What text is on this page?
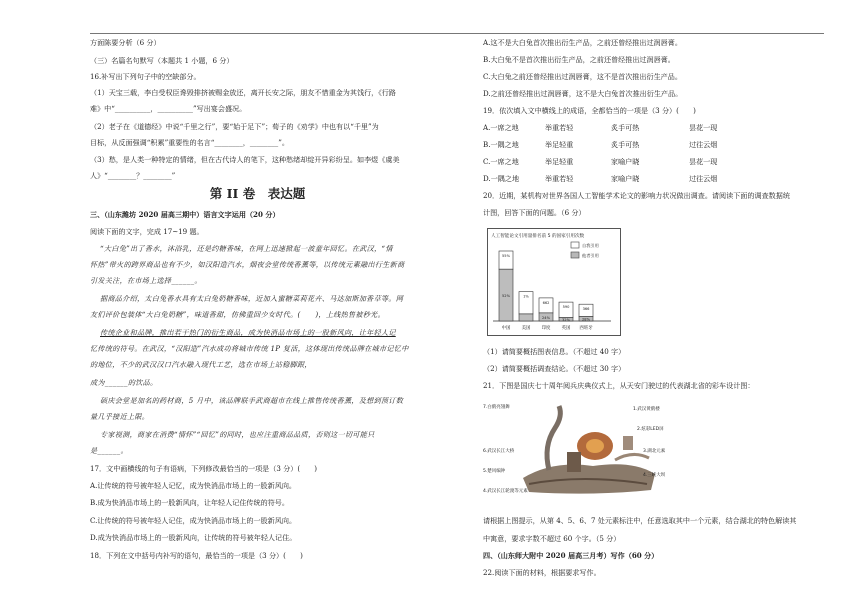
方面陈要分析（6 分）
（三）名篇名句默写（本题共 1 小题，6 分）
16.补写出下列句子中的空缺部分。
（1）天宝三载，李白受权臣谗毁排挤被赐金放还，离开长安之际，朋友不惜重金为其饯行，《行路
难》中“__________，__________”写出宴会盛况。
（2）老子在《道德经》中说“千里之行”，要“始于足下”；荀子的《劝学》中也有以“千里”为
目标，从反面强调“积累”重要性的名言“________，________”。
（3）愁，是人类一种特定的情绪，但在古代诗人的笔下，这种愁绪却绽开异彩纷呈。如李煜《虞美
人》“________？________”
第 II 卷　表达题
三、（山东潍坊 2020 届高三期中）语言文字运用（20 分）
阅读下面的文字，完成 17~19 题。
“大白兔”出了香水，沐浴乳，还是约糖香味，在网上迅速掀起一波童年回忆。在武汉，“情
怀热”带火的跨界商品也有不少，如汉阳造汽水，烟夜会堂传统香薰等，以传统元素融出行生新商
引发关注，在市场上选择______。
据商品介绍，太白兔香水具有太白兔奶糖香味，近加入蜜糖菜莉花卉、马达加斯加香草等。网
友们评价包装体“大白兔奶糖”，味道香甜，仿佛重回少女时代。(　　)，上线热售被秒光。
传统企业和品牌，推出若干热门的衍生商品，成为快消品市场上的一股新风向，让年轻人记
忆传统的符号。在武汉，“汉阳造”汽水成功将城市传统 1P 复活，这体现出传统品牌在城市记忆中
的地位，不少的武汉汉口汽水融入现代工艺，选在市场上站稳脚跟，
成为______的饮品。
硕庆会堂是加名的药材商，5 月中，该品牌联手武商超市在线上推售传统香薰，及想到预订数
量几乎接近上限。
专家视测，商家在消费“情怀”“回忆”的同时，也应注重商品品质，否则这一切可能只
是______。
17．文中画横线的句子有语病，下列修改最恰当的一项是（3 分）(　　)
A.让传统的符号被年轻人记忆，成为快消品市场上的一股新风向。
B.成为快消品市场上的一股新风向，让年轻人记住传统的符号。
C.让传统的符号被年轻人记住，成为快消品市场上的一股新风向。
D.成为快消品市场上的一股新风向，让传统的符号被年轻人记住。
18．下列在文中括号内补写的语句，最恰当的一项是（3 分）(　　)
A.这不是大白兔首次推出衍生产品，之前还曾经推出过润唇膏。
B.大白兔不是首次推出衍生产品，之前还曾经推出过润唇膏。
C.大白兔之前还曾经推出过润唇膏，这不是首次推出衍生产品。
D.之前还曾经推出过润唇膏，这不是大白兔首次推出衍生产品。
19．依次填入文中横线上的成语，全都恰当的一项是（3 分）(　　)
A.一席之地	举重若轻	炙手可热	昙花一现
B.一隅之地	举足轻重	炙手可热	过往云烟
C.一席之地	举足轻重	家喻户晓	昙花一现
D.一隅之地	举重若轻	家喻户晓	过往云烟
20．近期，某机构对世界各国人工智能学术论文的影响力状况做出调查。请阅读下面的调查数据统
计图，回答下面的问题。（6 分）
人工智能论文引用量排名前 5 的国家引用次数
自我引用
他者引用
中国
55%
52%
美国
1%
印度
662
24%
英国
590
32%
西班牙
366
28%
（1）请简要概括图表信息。（不超过 40 字）
（2）请简要概括调查结论。（不超过 30 字）
21．下图是国庆七十周年阅兵庆典仪式上，从天安门驶过的代表湖北省的彩车设计图：
7.白鹤亮翅舞
6.武汉长江大桥
5.楚风编钟
4.武汉长江轮渡等元素
1.武汉黄鹤楼
2.炫彩LED屏
3.湖北元素
4.三峡大坝
请根据上图提示，从第 4、5、6、7 处元素标注中，任意选取其中一个元素，结合湖北的特色解读其
中寓意，要求字数不超过 60 个字。（5 分）
四、（山东师大附中 2020 届高三月考）写作（60 分）
22.阅读下面的材料，根据要求写作。
